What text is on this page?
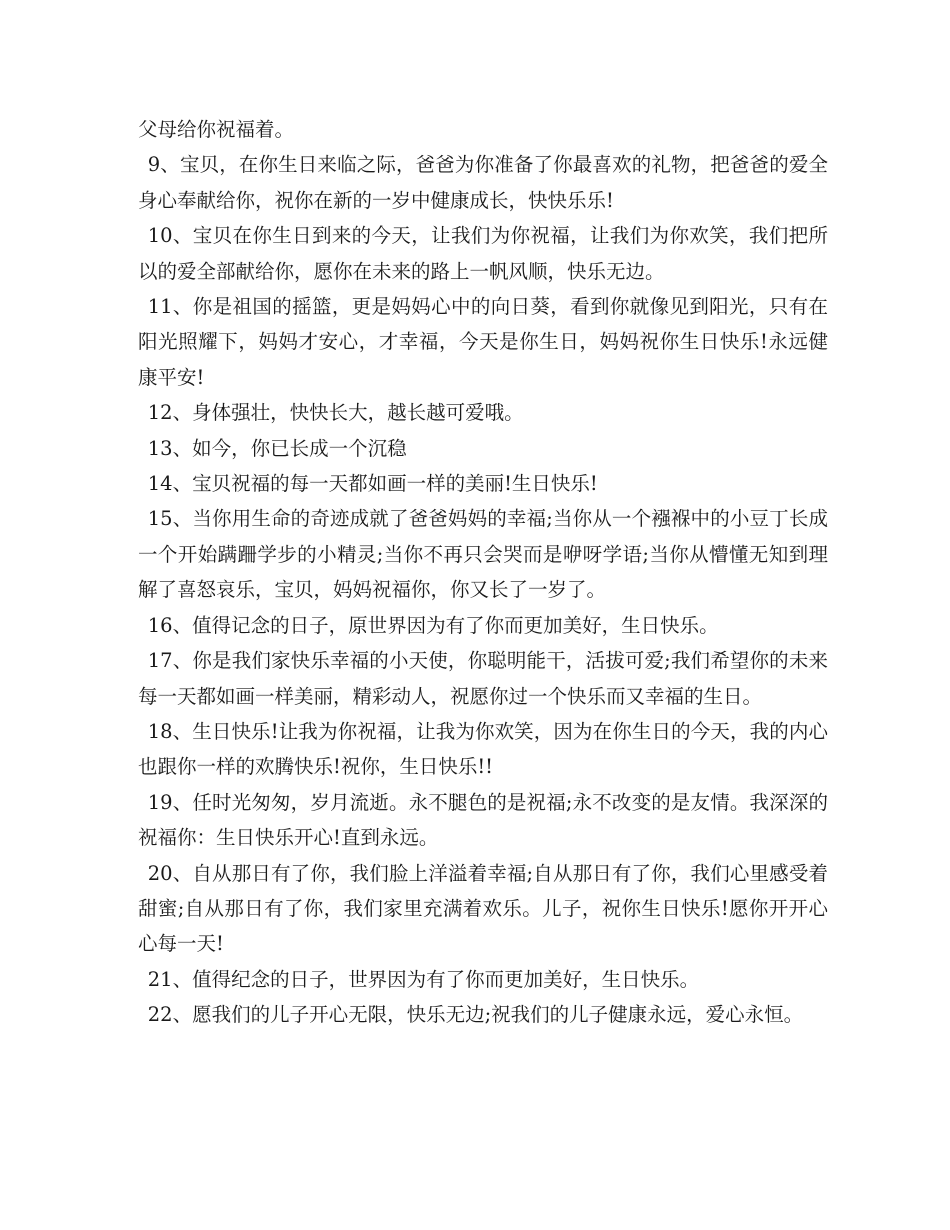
父母给你祝福着。

9、宝贝，在你生日来临之际，爸爸为你准备了你最喜欢的礼物，把爸爸的爱全身心奉献给你，祝你在新的一岁中健康成长，快快乐乐!

10、宝贝在你生日到来的今天，让我们为你祝福，让我们为你欢笑，我们把所以的爱全部献给你，愿你在未来的路上一帆风顺，快乐无边。

11、你是祖国的摇篮，更是妈妈心中的向日葵，看到你就像见到阳光，只有在阳光照耀下，妈妈才安心，才幸福，今天是你生日，妈妈祝你生日快乐!永远健康平安!

12、身体强壮，快快长大，越长越可爱哦。

13、如今，你已长成一个沉稳

14、宝贝祝福的每一天都如画一样的美丽!生日快乐!

15、当你用生命的奇迹成就了爸爸妈妈的幸福;当你从一个襁褓中的小豆丁长成一个开始蹒跚学步的小精灵;当你不再只会哭而是咿呀学语;当你从懵懂无知到理解了喜怒哀乐，宝贝，妈妈祝福你，你又长了一岁了。

16、值得记念的日子，原世界因为有了你而更加美好，生日快乐。

17、你是我们家快乐幸福的小天使，你聪明能干，活拔可爱;我们希望你的未来每一天都如画一样美丽，精彩动人，祝愿你过一个快乐而又幸福的生日。

18、生日快乐!让我为你祝福，让我为你欢笑，因为在你生日的今天，我的内心也跟你一样的欢腾快乐!祝你，生日快乐!!

19、任时光匆匆，岁月流逝。永不腿色的是祝福;永不改变的是友情。我深深的祝福你：生日快乐开心!直到永远。

20、自从那日有了你，我们脸上洋溢着幸福;自从那日有了你，我们心里感受着甜蜜;自从那日有了你，我们家里充满着欢乐。儿子，祝你生日快乐!愿你开开心心每一天!

21、值得纪念的日子，世界因为有了你而更加美好，生日快乐。

22、愿我们的儿子开心无限，快乐无边;祝我们的儿子健康永远，爱心永恒。
